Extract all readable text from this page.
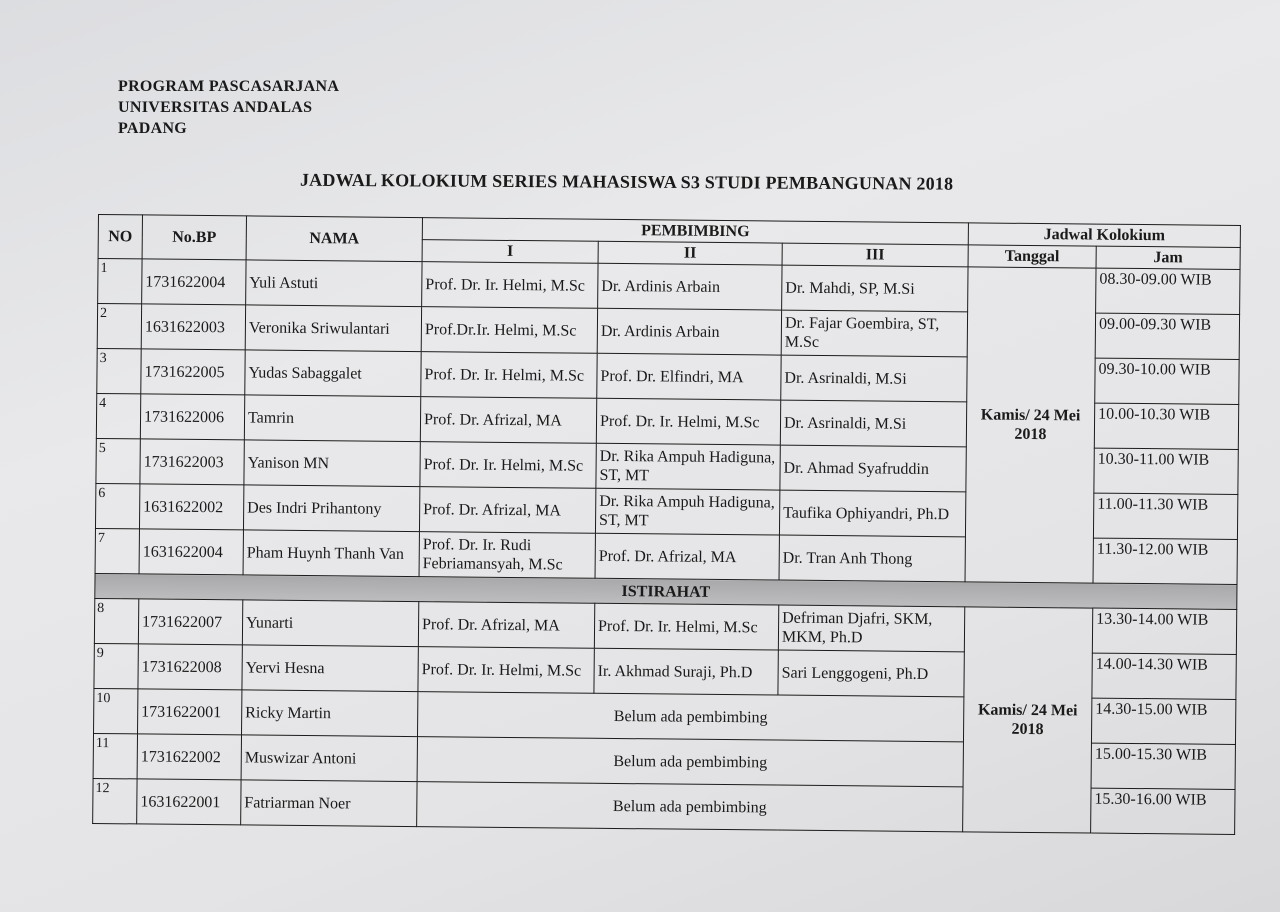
PROGRAM PASCASARJANA
UNIVERSITAS ANDALAS
PADANG
JADWAL KOLOKIUM SERIES MAHASISWA S3 STUDI PEMBANGUNAN 2018
NO	No.BP	NAMA	PEMBIMBING			Jadwal Kolokium	
			I	II	III	Tanggal	Jam
1	1731622004	Yuli Astuti	Prof. Dr. Ir. Helmi, M.Sc	Dr. Ardinis Arbain	Dr. Mahdi, SP, M.Si	Kamis/ 24 Mei 2018	08.30-09.00 WIB
2	1631622003	Veronika Sriwulantari	Prof.Dr.Ir. Helmi, M.Sc	Dr. Ardinis Arbain	Dr. Fajar Goembira, ST, M.Sc		09.00-09.30 WIB
3	1731622005	Yudas Sabaggalet	Prof. Dr. Ir. Helmi, M.Sc	Prof. Dr. Elfindri, MA	Dr. Asrinaldi, M.Si		09.30-10.00 WIB
4	1731622006	Tamrin	Prof. Dr. Afrizal, MA	Prof. Dr. Ir. Helmi, M.Sc	Dr. Asrinaldi, M.Si		10.00-10.30 WIB
5	1731622003	Yanison MN	Prof. Dr. Ir. Helmi, M.Sc	Dr. Rika Ampuh Hadiguna, ST, MT	Dr. Ahmad Syafruddin		10.30-11.00 WIB
6	1631622002	Des Indri Prihantony	Prof. Dr. Afrizal, MA	Dr. Rika Ampuh Hadiguna, ST, MT	Taufika Ophiyandri, Ph.D		11.00-11.30 WIB
7	1631622004	Pham Huynh Thanh Van	Prof. Dr. Ir. Rudi Febriamansyah, M.Sc	Prof. Dr. Afrizal, MA	Dr. Tran Anh Thong		11.30-12.00 WIB
ISTIRAHAT							
8	1731622007	Yunarti	Prof. Dr. Afrizal, MA	Prof. Dr. Ir. Helmi, M.Sc	Defriman Djafri, SKM, MKM, Ph.D	Kamis/ 24 Mei 2018	13.30-14.00 WIB
9	1731622008	Yervi Hesna	Prof. Dr. Ir. Helmi, M.Sc	Ir. Akhmad Suraji, Ph.D	Sari Lenggogeni, Ph.D		14.00-14.30 WIB
10	1731622001	Ricky Martin	Belum ada pembimbing				14.30-15.00 WIB
11	1731622002	Muswizar Antoni	Belum ada pembimbing				15.00-15.30 WIB
12	1631622001	Fatriarman Noer	Belum ada pembimbing				15.30-16.00 WIB
